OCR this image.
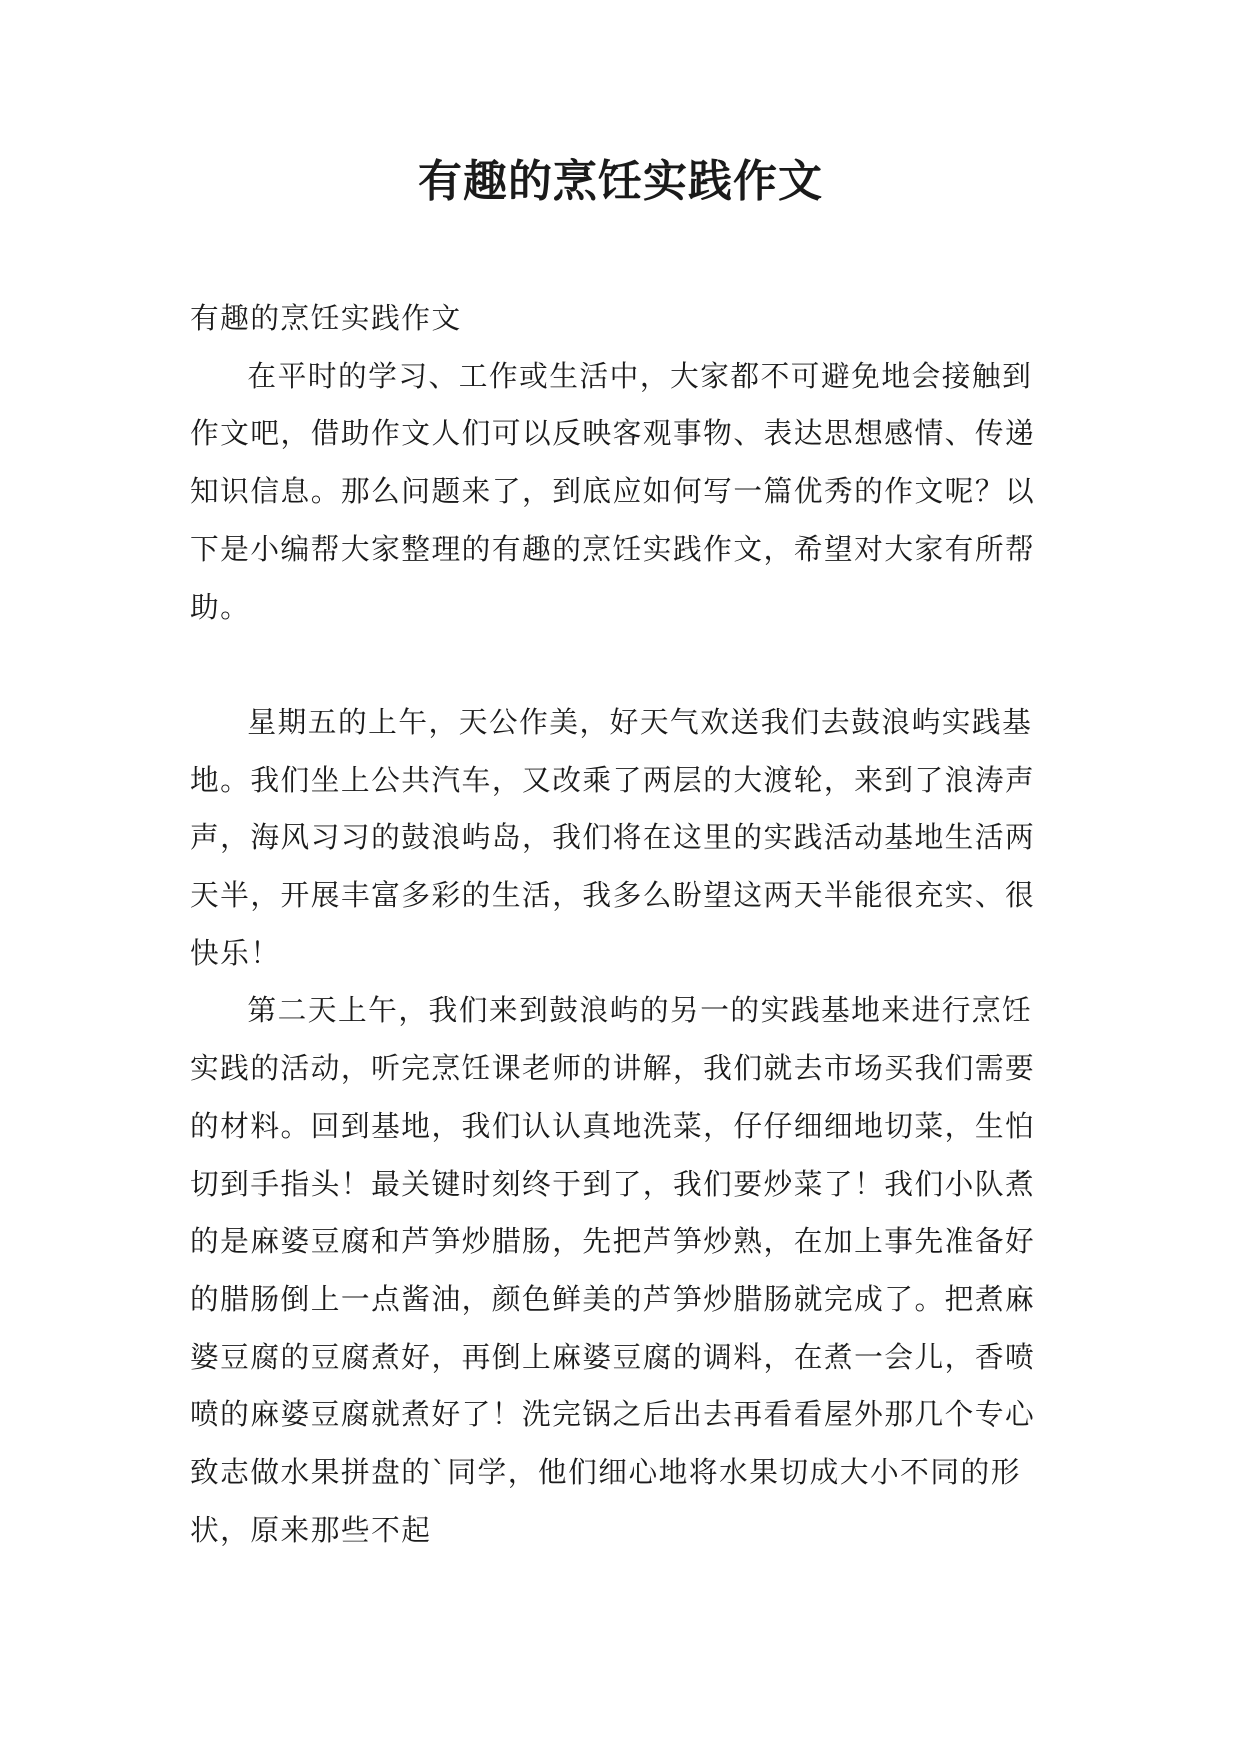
有趣的烹饪实践作文

有趣的烹饪实践作文

在平时的学习、工作或生活中，大家都不可避免地会接触到作文吧，借助作文人们可以反映客观事物、表达思想感情、传递知识信息。那么问题来了，到底应如何写一篇优秀的作文呢？以下是小编帮大家整理的有趣的烹饪实践作文，希望对大家有所帮助。

星期五的上午，天公作美，好天气欢送我们去鼓浪屿实践基地。我们坐上公共汽车，又改乘了两层的大渡轮，来到了浪涛声声，海风习习的鼓浪屿岛，我们将在这里的实践活动基地生活两天半，开展丰富多彩的生活，我多么盼望这两天半能很充实、很快乐！

第二天上午，我们来到鼓浪屿的另一的实践基地来进行烹饪实践的活动，听完烹饪课老师的讲解，我们就去市场买我们需要的材料。回到基地，我们认认真地洗菜，仔仔细细地切菜，生怕切到手指头！最关键时刻终于到了，我们要炒菜了！我们小队煮的是麻婆豆腐和芦笋炒腊肠，先把芦笋炒熟，在加上事先准备好的腊肠倒上一点酱油，颜色鲜美的芦笋炒腊肠就完成了。把煮麻婆豆腐的豆腐煮好，再倒上麻婆豆腐的调料，在煮一会儿，香喷喷的麻婆豆腐就煮好了！洗完锅之后出去再看看屋外那几个专心致志做水果拼盘的`同学，他们细心地将水果切成大小不同的形状，原来那些不起
